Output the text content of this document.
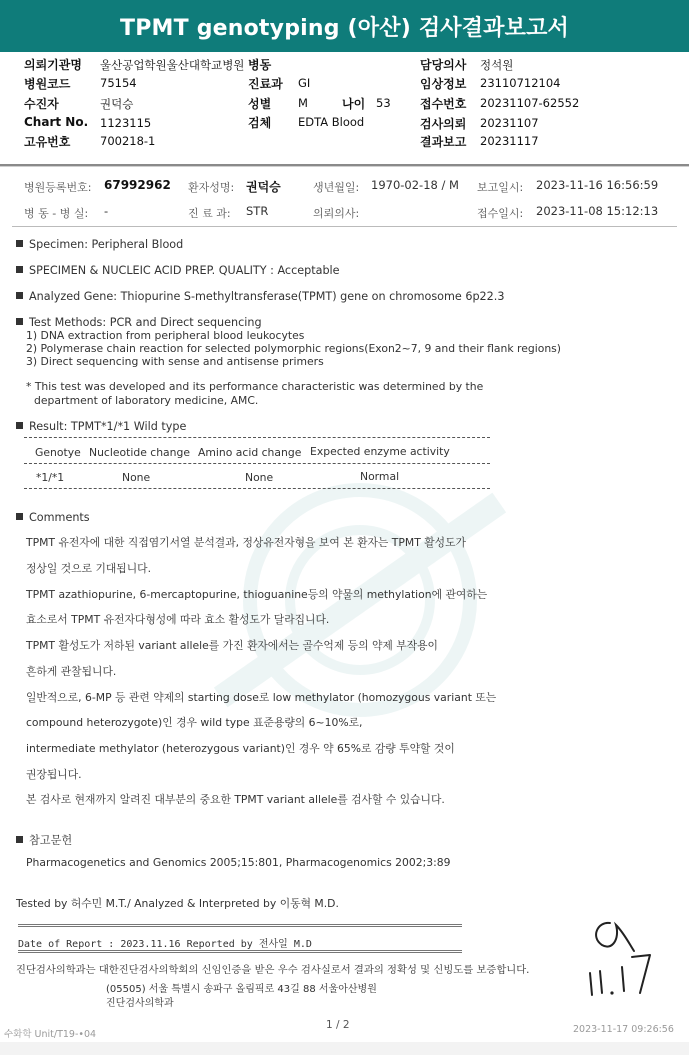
TPMT genotyping (아산) 검사결과보고서
의뢰기관명 울산공업학원울산대학교병원
병원코드	75154
수진자	권덕승
Chart No. 1123115
고유번호	700218-1
병동
진료과 GI
성별 M	나이 53
검체 EDTA Blood
담당의사 정석원
임상정보 23110712104
접수번호 20231107-62552
검사의뢰 20231107
결과보고 20231117
병원등록번호: 67992962 환자성명: 권덕승	생년월일: 1970-02-18 / M 보고일시: 2023-11-16 16:56:59
병 동 - 병 실: -	진 료 과: STR	의뢰의사:	접수일시: 2023-11-08 15:12:13
Specimen: Peripheral Blood
SPECIMEN & NUCLEIC ACID PREP. QUALITY : Acceptable
Analyzed Gene: Thiopurine S-methyltransferase(TPMT) gene on chromosome 6p22.3
Test Methods: PCR and Direct sequencing
1) DNA extraction from peripheral blood leukocytes
2) Polymerase chain reaction for selected polymorphic regions(Exon2~7, 9 and their flank regions)
3) Direct sequencing with sense and antisense primers
* This test was developed and its performance characteristic was determined by the
department of laboratory medicine, AMC.
Result: TPMT*1/*1 Wild type
Genotye Nucleotide change Amino acid change Expected enzyme activity
*1/*1	None	None	Normal
Comments
TPMT 유전자에 대한 직접염기서열 분석결과, 정상유전자형을 보여 본 환자는 TPMT 활성도가
정상일 것으로 기대됩니다.
TPMT azathiopurine, 6-mercaptopurine, thioguanine등의 약물의 methylation에 관여하는
효소로서 TPMT 유전자다형성에 따라 효소 활성도가 달라집니다.
TPMT 활성도가 저하된 variant allele를 가진 환자에서는 골수억제 등의 약제 부작용이
흔하게 관찰됩니다.
일반적으로, 6-MP 등 관련 약제의 starting dose로 low methylator (homozygous variant 또는
compound heterozygote)인 경우 wild type 표준용량의 6~10%로,
intermediate methylator (heterozygous variant)인 경우 약 65%로 감량 투약할 것이
권장됩니다.
본 검사로 현재까지 알려진 대부분의 중요한 TPMT variant allele를 검사할 수 있습니다.
참고문헌
Pharmacogenetics and Genomics 2005;15:801, Pharmacogenomics 2002;3:89
Tested by 허수민 M.T./ Analyzed & Interpreted by 이동혁 M.D.
Date of Report : 2023.11.16 Reported by 전사일 M.D
진단검사의학과는 대한진단검사의학회의 신임인증을 받은 우수 검사실로서 결과의 정확성 및 신빙도를 보증합니다.
(05505) 서울 특별시 송파구 올림픽로 43길 88 서울아산병원
진단검사의학과
수화학 Unit/T19-•04
1 / 2	2023-11-17 09:26:56
